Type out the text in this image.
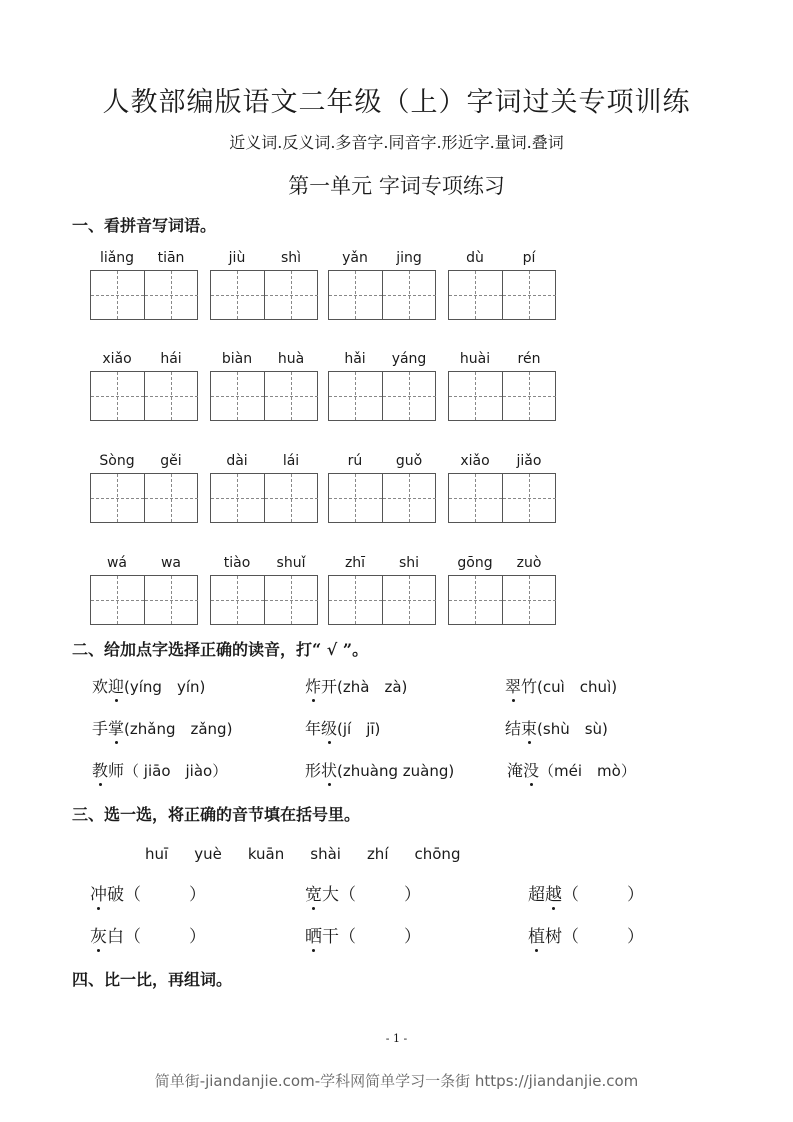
人教部编版语文二年级（上）字词过关专项训练
近义词.反义词.多音字.同音字.形近字.量词.叠词
第一单元 字词专项练习
一、看拼音写词语。
liǎng	tiān	jiù	shì	yǎn	jing	dù	pí
xiǎo	hái	biàn	huà	hǎi	yáng	huài	rén
Sòng	gěi	dài	lái	rú	guǒ	xiǎo	jiǎo
wá	wa	tiào	shuǐ	zhī	shi	gōng	zuò
二、给加点字选择正确的读音，打“ √ ”。
欢迎(yíng　yín)	炸开(zhà　zà)	翠竹(cuì　chuì)
手掌(zhǎng　zǎng)	年级(jí　jī)	结束(shù　sù)
教师（ jiāo　jiào）	形状(zhuàng zuàng)	淹没（méi　mò）
三、选一选，将正确的音节填在括号里。
huī yuè kuān shài zhí chōng
冲破（	）	宽大（	）	超越（	）
灰白（	）	晒干（	）	植树（	）
四、比一比，再组词。
- 1 -
简单街-jiandanjie.com-学科网简单学习一条街 https://jiandanjie.com
